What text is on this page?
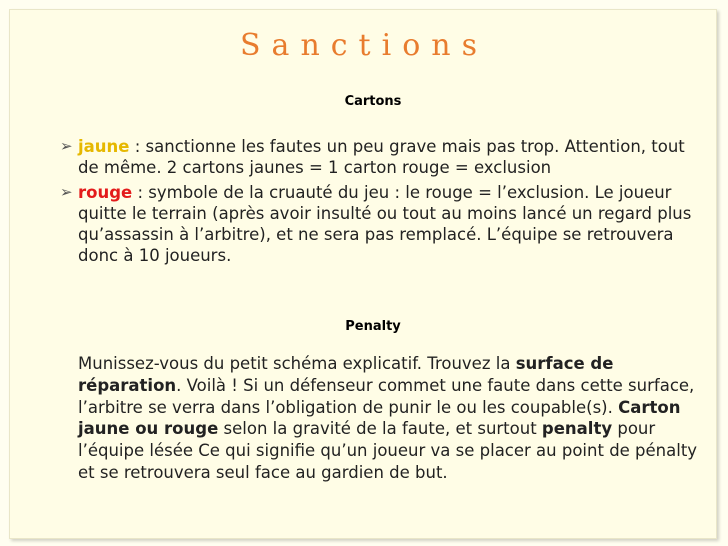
Sanctions
Cartons
➢ jaune : sanctionne les fautes un peu grave mais pas trop. Attention, tout de même. 2 cartons jaunes = 1 carton rouge = exclusion
➢ rouge : symbole de la cruauté du jeu : le rouge = l’exclusion. Le joueur quitte le terrain (après avoir insulté ou tout au moins lancé un regard plus qu’assassin à l’arbitre), et ne sera pas remplacé. L’équipe se retrouvera donc à 10 joueurs.
Penalty
Munissez-vous du petit schéma explicatif. Trouvez la surface de réparation. Voilà ! Si un défenseur commet une faute dans cette surface, l’arbitre se verra dans l’obligation de punir le ou les coupable(s). Carton jaune ou rouge selon la gravité de la faute, et surtout penalty pour l’équipe lésée Ce qui signifie qu’un joueur va se placer au point de pénalty et se retrouvera seul face au gardien de but.
